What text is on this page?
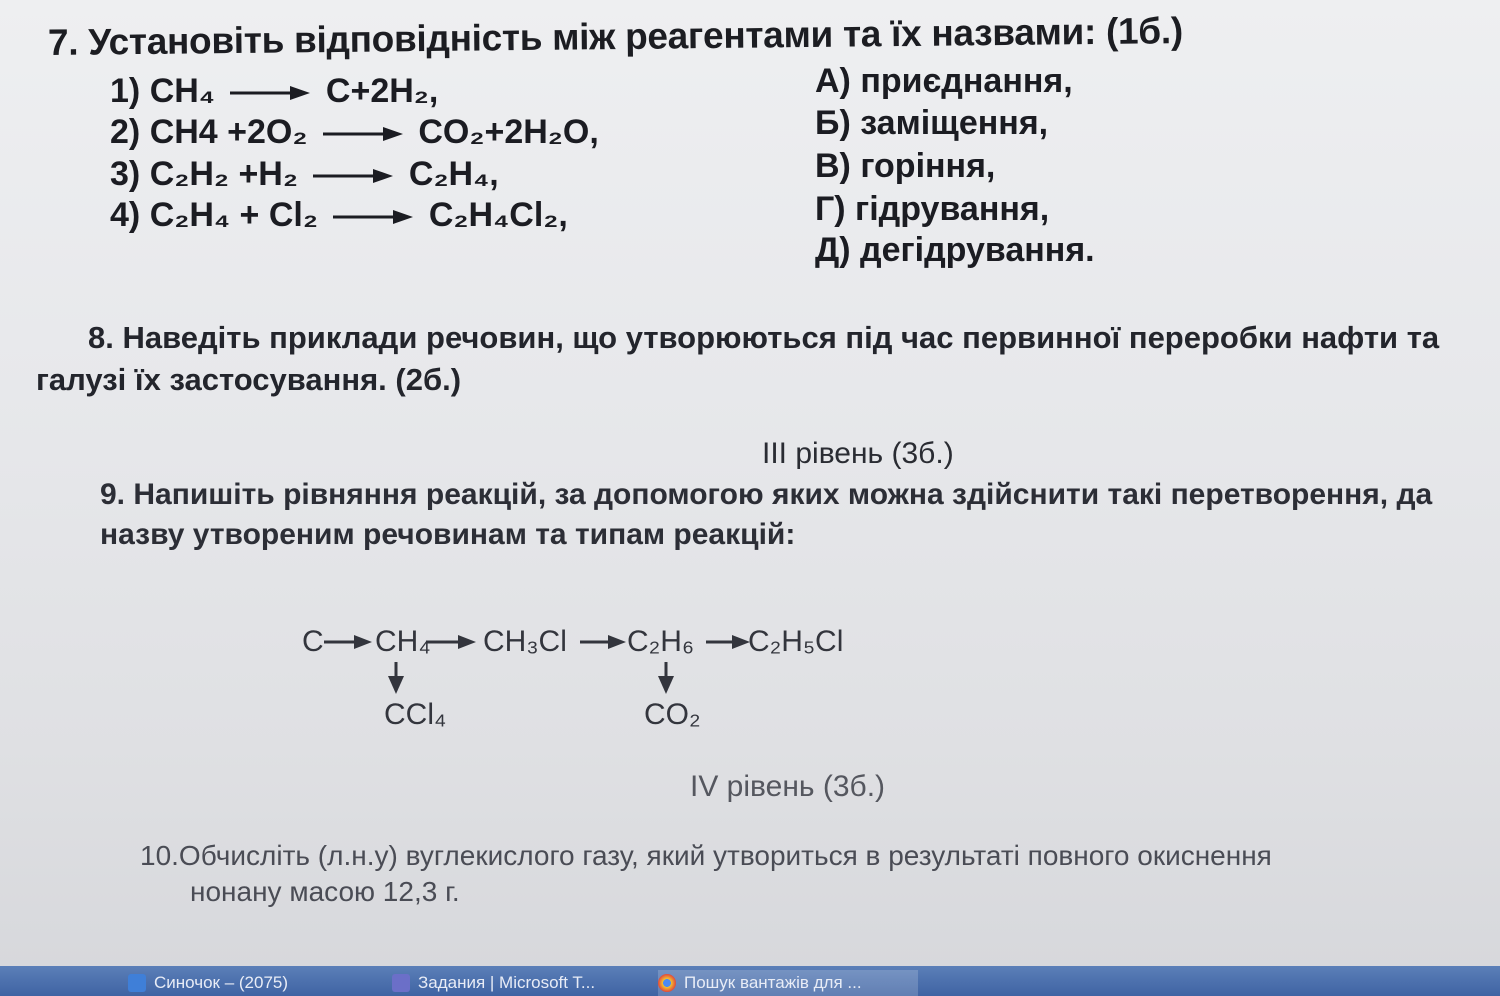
7. Установіть відповідність між реагентами та їх назвами: (1б.)
1) CH₄ → C+2H₂,
2) CH4 +2O₂ → CO₂+2H₂O,
3) C₂H₂ +H₂ → C₂H₄,
4) C₂H₄ + Cl₂ → C₂H₄Cl₂,
А) приєднання,
Б) заміщення,
В) горіння,
Г) гідрування,
Д) дегідрування.
8. Наведіть приклади речовин, що утворюються під час первинної переробки нафти та
галузі їх застосування. (2б.)
ІІІ рівень (3б.)
9. Напишіть рівняння реакцій, за допомогою яких можна здійснити такі перетворення, да
назву утвореним речовинам та типам реакцій:
C CH₄ CH₃Cl C₂H₆ C₂H₅Cl
CCl₄	CO₂
IV рівень (3б.)
10.Обчисліть (л.н.у) вуглекислого газу, який утвориться в результаті повного окиснення
нонану масою 12,3 г.
Синочок – (2075)	Задания | Microsoft T...	Пошук вантажів для ...
